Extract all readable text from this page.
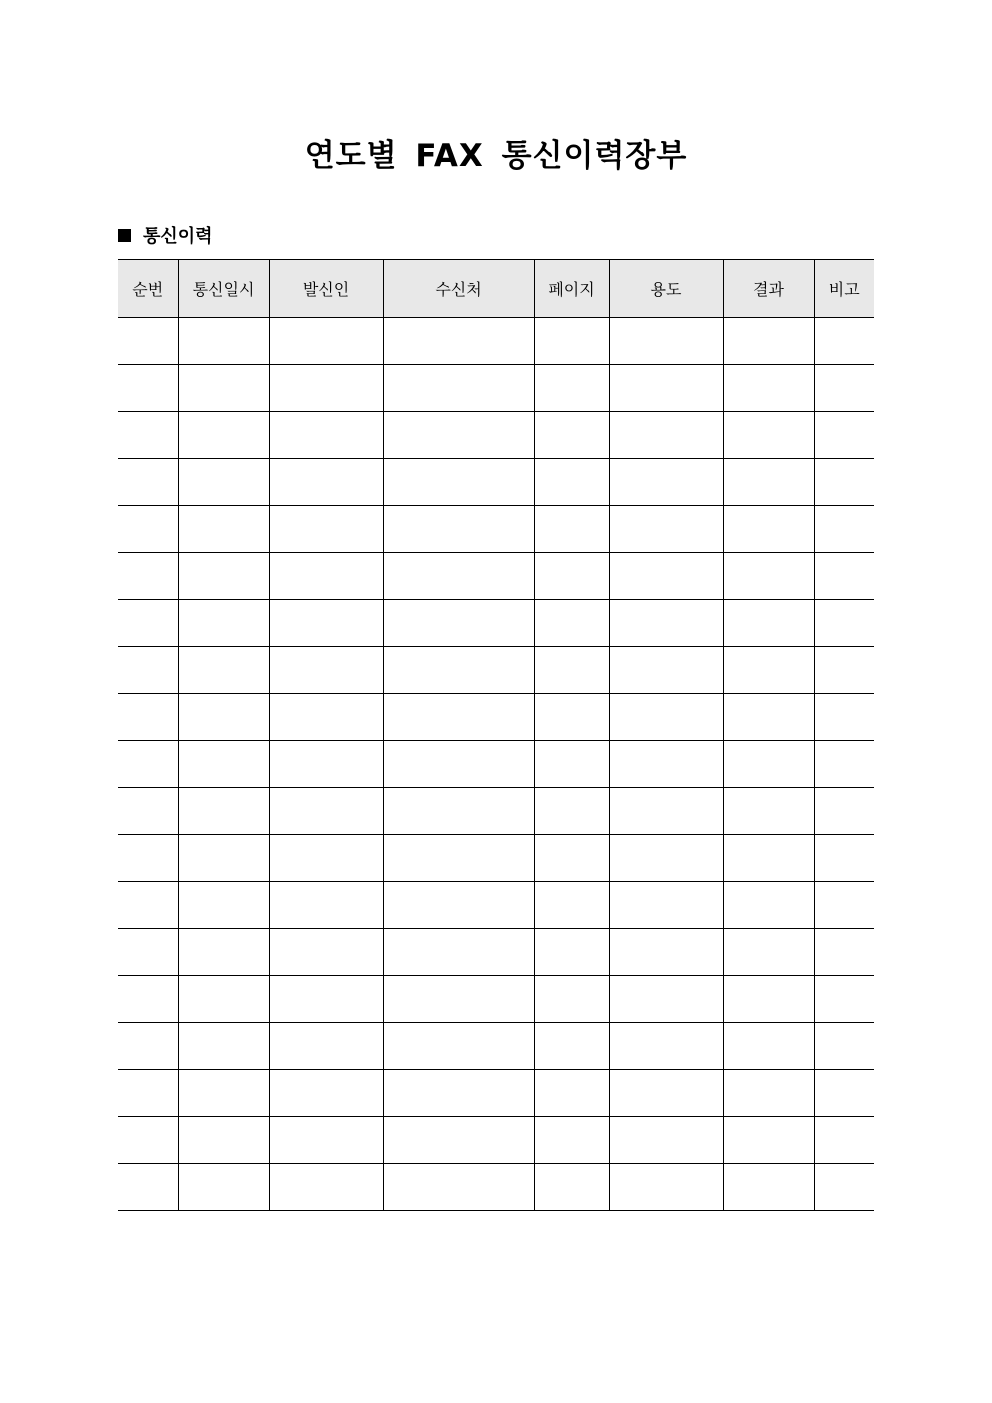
연도별 FAX 통신이력장부
통신이력
순번	통신일시	발신인	수신처	페이지	용도	결과	비고
